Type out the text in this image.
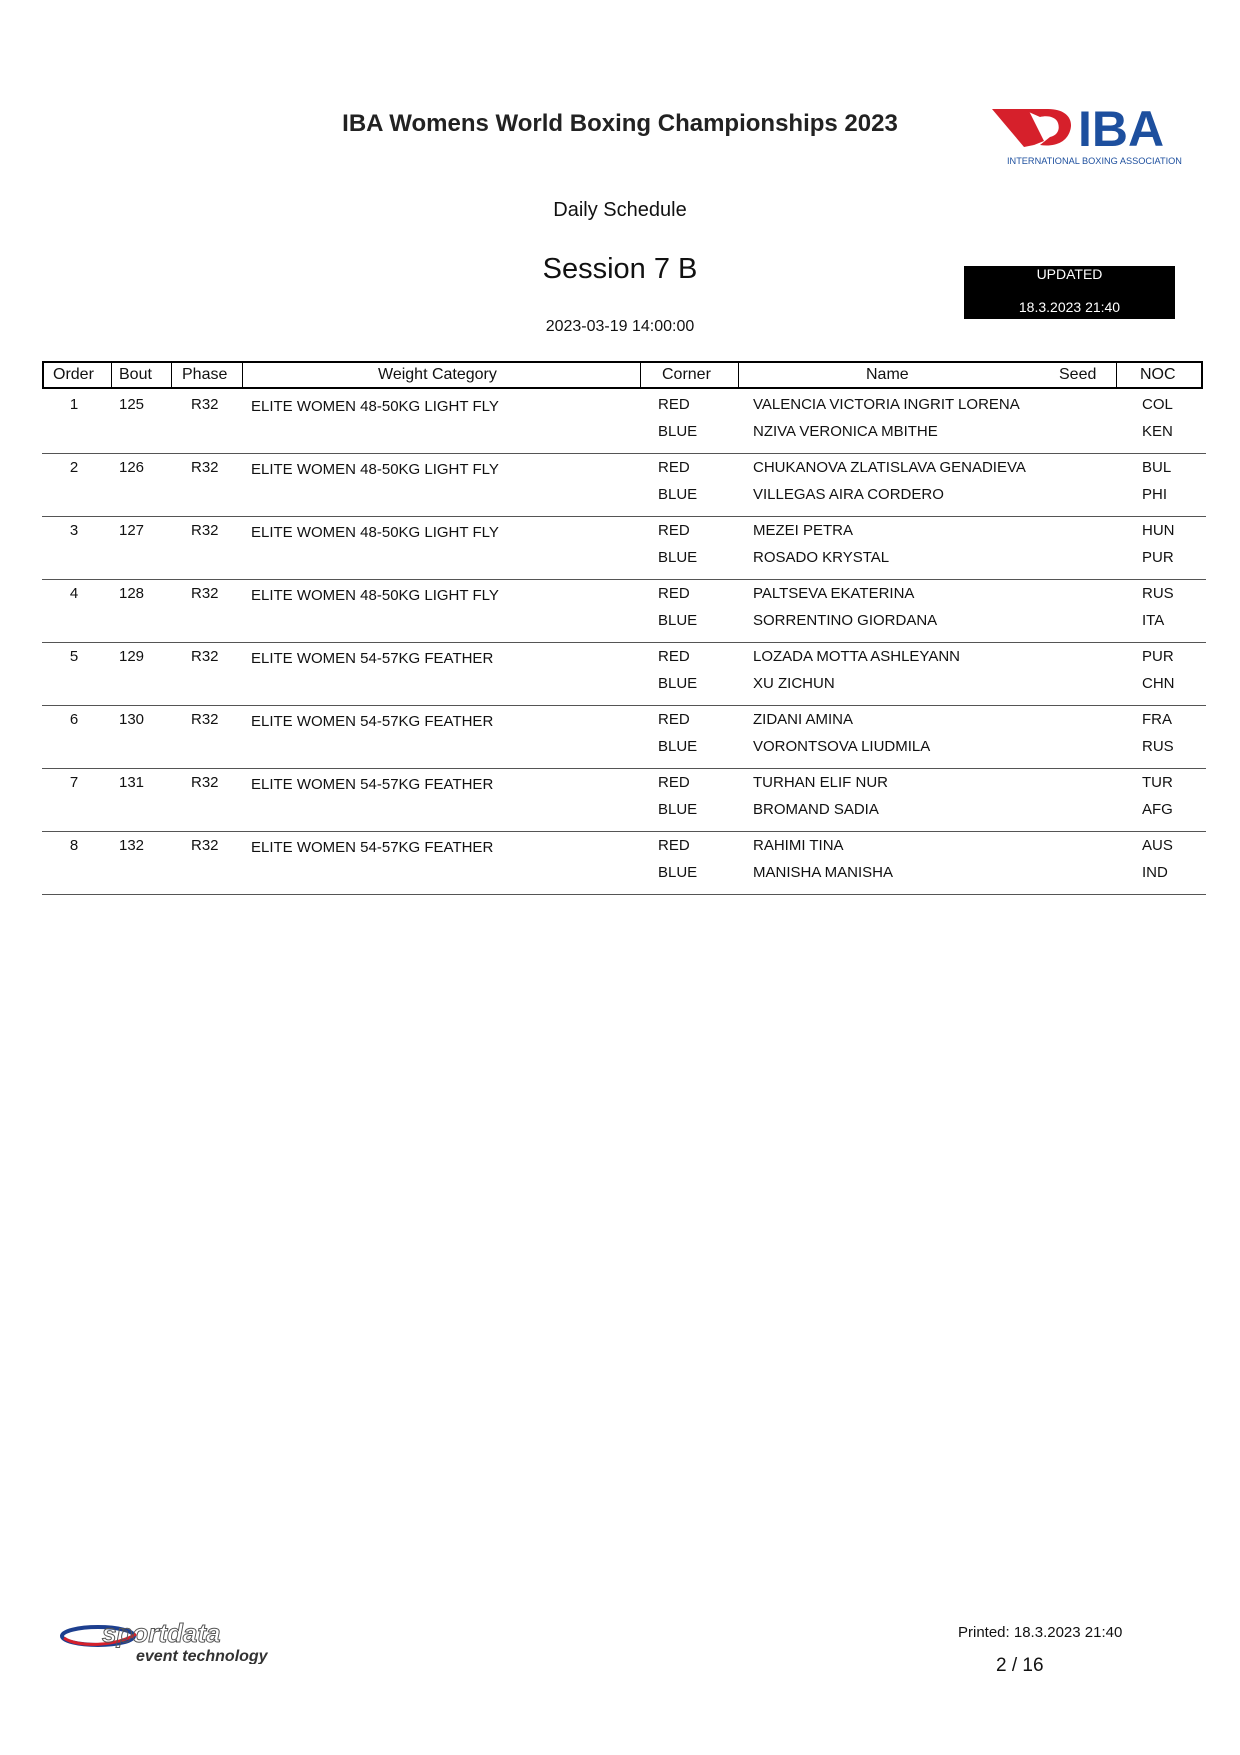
IBA Womens World Boxing Championships 2023	IBA
INTERNATIONAL BOXING ASSOCIATION
Daily Schedule
Session 7 B
2023-03-19 14:00:00
UPDATED
18.3.2023 21:40
Order Bout Phase	Weight Category	Corner	Name	Seed	NOC
1	125	R32	ELITE WOMEN 48-50KG LIGHT FLY	RED	VALENCIA VICTORIA INGRIT LORENA	COL
BLUE	NZIVA VERONICA MBITHE	KEN
2	126	R32	ELITE WOMEN 48-50KG LIGHT FLY	RED	CHUKANOVA ZLATISLAVA GENADIEVA	BUL
BLUE	VILLEGAS AIRA CORDERO	PHI
3	127	R32	ELITE WOMEN 48-50KG LIGHT FLY	RED	MEZEI PETRA	HUN
BLUE	ROSADO KRYSTAL	PUR
4	128	R32	ELITE WOMEN 48-50KG LIGHT FLY	RED	PALTSEVA EKATERINA	RUS
BLUE	SORRENTINO GIORDANA	ITA
5	129	R32	ELITE WOMEN 54-57KG FEATHER	RED	LOZADA MOTTA ASHLEYANN	PUR
BLUE	XU ZICHUN	CHN
6	130	R32	ELITE WOMEN 54-57KG FEATHER	RED	ZIDANI AMINA	FRA
BLUE	VORONTSOVA LIUDMILA	RUS
7	131	R32	ELITE WOMEN 54-57KG FEATHER	RED	TURHAN ELIF NUR	TUR
BLUE	BROMAND SADIA	AFG
8	132	R32	ELITE WOMEN 54-57KG FEATHER	RED	RAHIMI TINA	AUS
BLUE	MANISHA MANISHA	IND
sportdata
event technology
Printed: 18.3.2023 21:40
2 / 16
